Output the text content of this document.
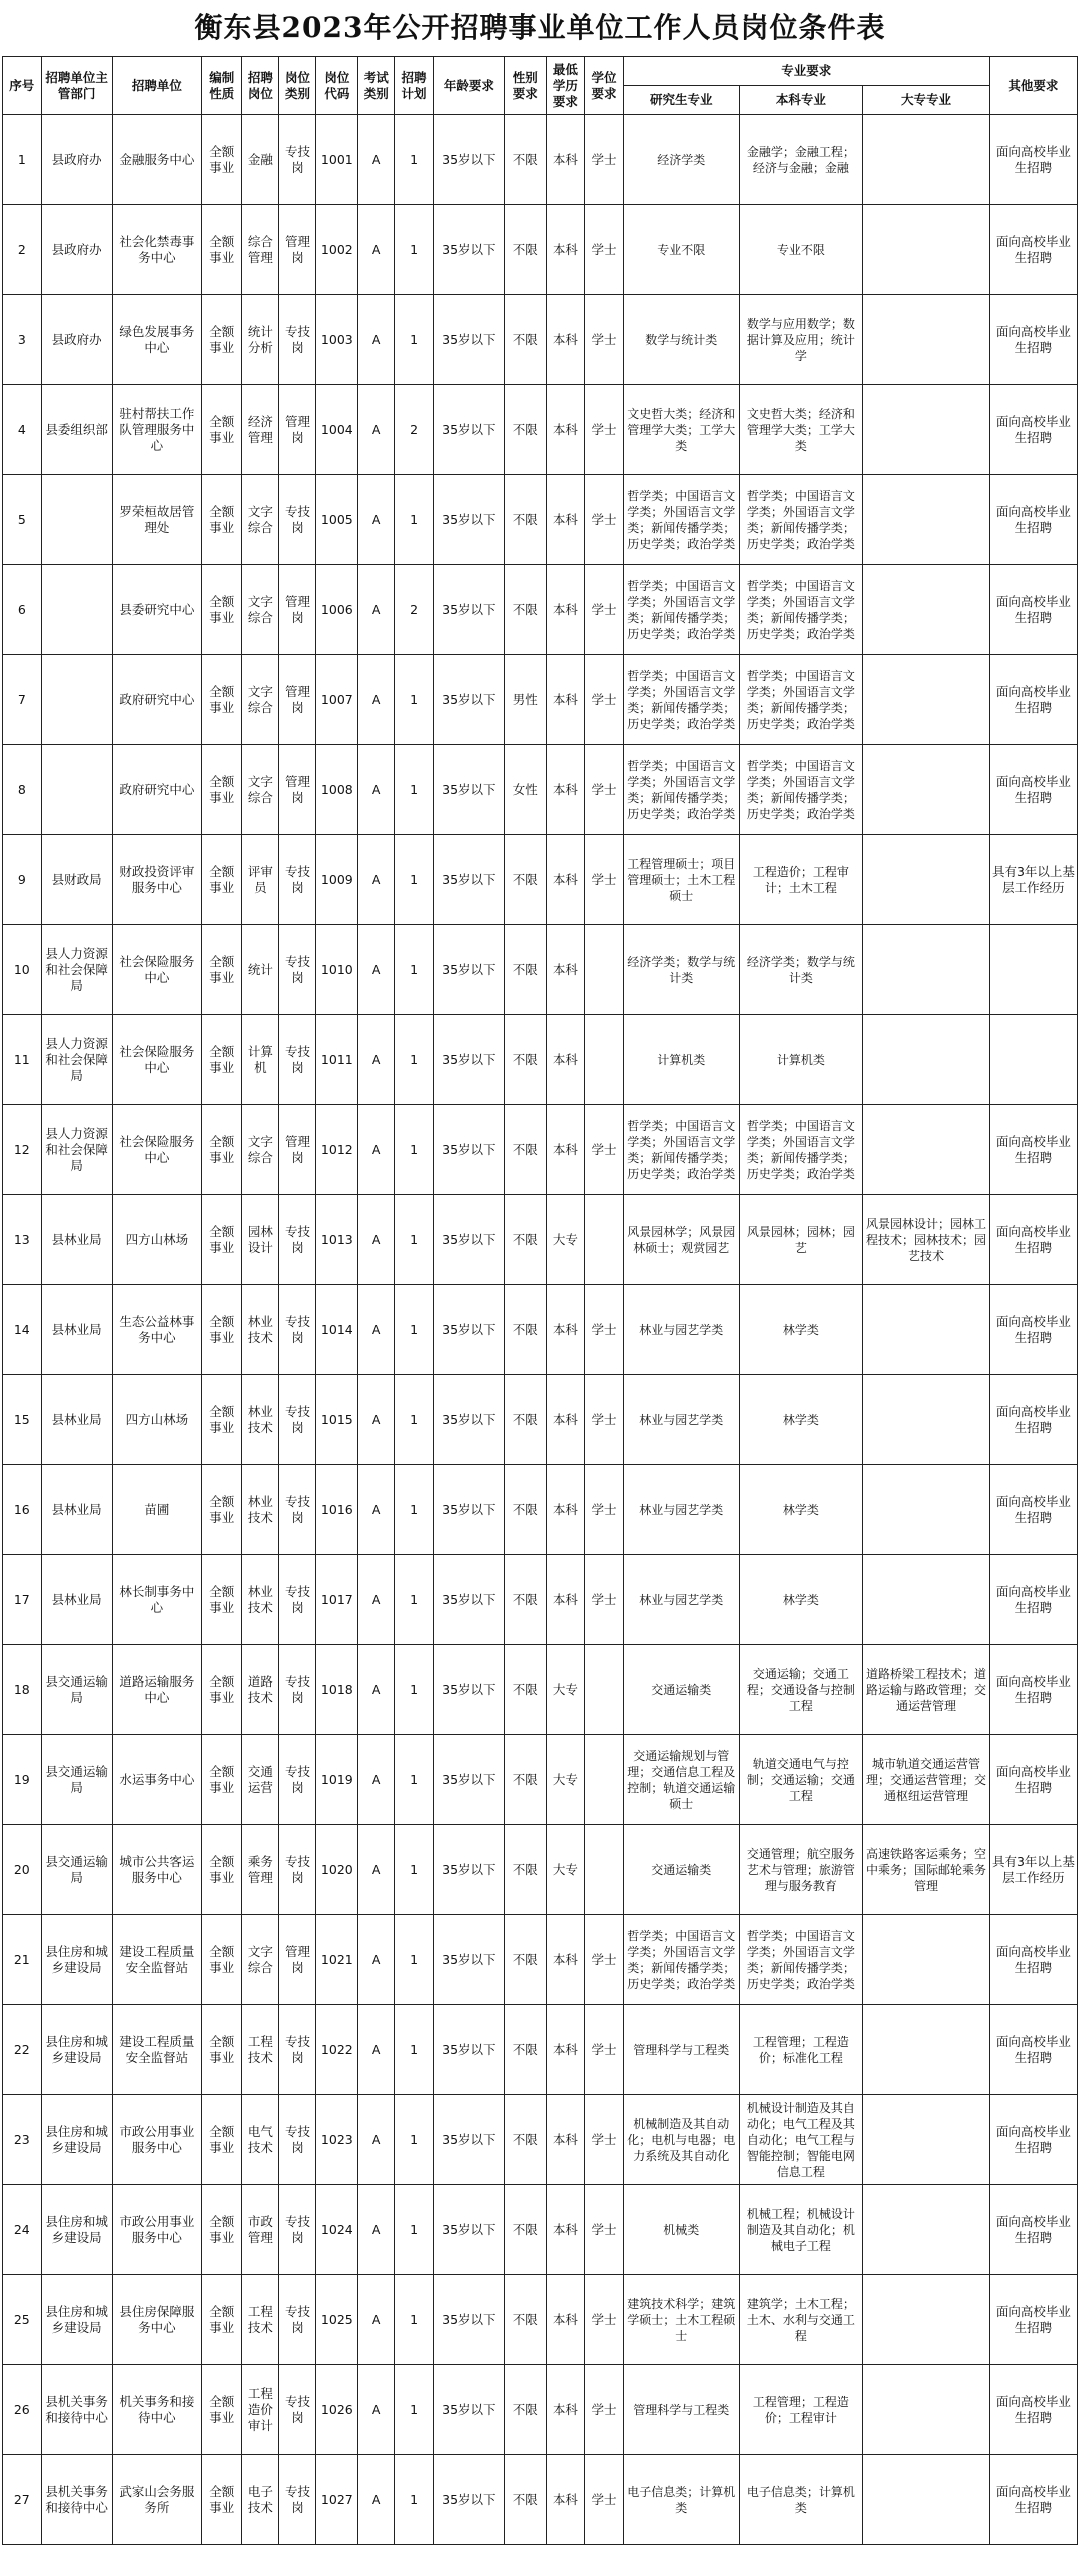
衡东县2023年公开招聘事业单位工作人员岗位条件表
序号	招聘单位主管部门	招聘单位	编制性质	招聘岗位	岗位类别	岗位代码	考试类别	招聘计划	年龄要求	性别要求	最低学历要求	学位要求	专业要求			其他要求
													研究生专业	本科专业	大专专业	
1	县政府办	金融服务中心	全额事业	金融	专技岗	1001	A	1	35岁以下	不限	本科	学士	经济学类	金融学；金融工程；经济与金融；金融		面向高校毕业生招聘
2	县政府办	社会化禁毒事务中心	全额事业	综合管理	管理岗	1002	A	1	35岁以下	不限	本科	学士	专业不限	专业不限		面向高校毕业生招聘
3	县政府办	绿色发展事务中心	全额事业	统计分析	专技岗	1003	A	1	35岁以下	不限	本科	学士	数学与统计类	数学与应用数学；数据计算及应用；统计学		面向高校毕业生招聘
4	县委组织部	驻村帮扶工作队管理服务中心	全额事业	经济管理	管理岗	1004	A	2	35岁以下	不限	本科	学士	文史哲大类；经济和管理学大类；工学大类	文史哲大类；经济和管理学大类；工学大类		面向高校毕业生招聘
5		罗荣桓故居管理处	全额事业	文字综合	专技岗	1005	A	1	35岁以下	不限	本科	学士	哲学类；中国语言文学类；外国语言文学类；新闻传播学类；历史学类；政治学类	哲学类；中国语言文学类；外国语言文学类；新闻传播学类；历史学类；政治学类		面向高校毕业生招聘
6		县委研究中心	全额事业	文字综合	管理岗	1006	A	2	35岁以下	不限	本科	学士	哲学类；中国语言文学类；外国语言文学类；新闻传播学类；历史学类；政治学类	哲学类；中国语言文学类；外国语言文学类；新闻传播学类；历史学类；政治学类		面向高校毕业生招聘
7		政府研究中心	全额事业	文字综合	管理岗	1007	A	1	35岁以下	男性	本科	学士	哲学类；中国语言文学类；外国语言文学类；新闻传播学类；历史学类；政治学类	哲学类；中国语言文学类；外国语言文学类；新闻传播学类；历史学类；政治学类		面向高校毕业生招聘
8		政府研究中心	全额事业	文字综合	管理岗	1008	A	1	35岁以下	女性	本科	学士	哲学类；中国语言文学类；外国语言文学类；新闻传播学类；历史学类；政治学类	哲学类；中国语言文学类；外国语言文学类；新闻传播学类；历史学类；政治学类		面向高校毕业生招聘
9	县财政局	财政投资评审服务中心	全额事业	评审员	专技岗	1009	A	1	35岁以下	不限	本科	学士	工程管理硕士；项目管理硕士；土木工程硕士	工程造价；工程审计；土木工程		具有3年以上基层工作经历
10	县人力资源和社会保障局	社会保险服务中心	全额事业	统计	专技岗	1010	A	1	35岁以下	不限	本科		经济学类；数学与统计类	经济学类；数学与统计类		
11	县人力资源和社会保障局	社会保险服务中心	全额事业	计算机	专技岗	1011	A	1	35岁以下	不限	本科		计算机类	计算机类		
12	县人力资源和社会保障局	社会保险服务中心	全额事业	文字综合	管理岗	1012	A	1	35岁以下	不限	本科	学士	哲学类；中国语言文学类；外国语言文学类；新闻传播学类；历史学类；政治学类	哲学类；中国语言文学类；外国语言文学类；新闻传播学类；历史学类；政治学类		面向高校毕业生招聘
13	县林业局	四方山林场	全额事业	园林设计	专技岗	1013	A	1	35岁以下	不限	大专		风景园林学；风景园林硕士；观赏园艺	风景园林；园林；园艺	风景园林设计；园林工程技术；园林技术；园艺技术	面向高校毕业生招聘
14	县林业局	生态公益林事务中心	全额事业	林业技术	专技岗	1014	A	1	35岁以下	不限	本科	学士	林业与园艺学类	林学类		面向高校毕业生招聘
15	县林业局	四方山林场	全额事业	林业技术	专技岗	1015	A	1	35岁以下	不限	本科	学士	林业与园艺学类	林学类		面向高校毕业生招聘
16	县林业局	苗圃	全额事业	林业技术	专技岗	1016	A	1	35岁以下	不限	本科	学士	林业与园艺学类	林学类		面向高校毕业生招聘
17	县林业局	林长制事务中心	全额事业	林业技术	专技岗	1017	A	1	35岁以下	不限	本科	学士	林业与园艺学类	林学类		面向高校毕业生招聘
18	县交通运输局	道路运输服务中心	全额事业	道路技术	专技岗	1018	A	1	35岁以下	不限	大专		交通运输类	交通运输；交通工程；交通设备与控制工程	道路桥梁工程技术；道路运输与路政管理；交通运营管理	面向高校毕业生招聘
19	县交通运输局	水运事务中心	全额事业	交通运营	专技岗	1019	A	1	35岁以下	不限	大专		交通运输规划与管理；交通信息工程及控制；轨道交通运输硕士	轨道交通电气与控制；交通运输；交通工程	城市轨道交通运营管理；交通运营管理；交通枢纽运营管理	面向高校毕业生招聘
20	县交通运输局	城市公共客运服务中心	全额事业	乘务管理	专技岗	1020	A	1	35岁以下	不限	大专		交通运输类	交通管理；航空服务艺术与管理；旅游管理与服务教育	高速铁路客运乘务；空中乘务；国际邮轮乘务管理	具有3年以上基层工作经历
21	县住房和城乡建设局	建设工程质量安全监督站	全额事业	文字综合	管理岗	1021	A	1	35岁以下	不限	本科	学士	哲学类；中国语言文学类；外国语言文学类；新闻传播学类；历史学类；政治学类	哲学类；中国语言文学类；外国语言文学类；新闻传播学类；历史学类；政治学类		面向高校毕业生招聘
22	县住房和城乡建设局	建设工程质量安全监督站	全额事业	工程技术	专技岗	1022	A	1	35岁以下	不限	本科	学士	管理科学与工程类	工程管理；工程造价；标准化工程		面向高校毕业生招聘
23	县住房和城乡建设局	市政公用事业服务中心	全额事业	电气技术	专技岗	1023	A	1	35岁以下	不限	本科	学士	机械制造及其自动化；电机与电器；电力系统及其自动化	机械设计制造及其自动化；电气工程及其自动化；电气工程与智能控制；智能电网信息工程		面向高校毕业生招聘
24	县住房和城乡建设局	市政公用事业服务中心	全额事业	市政管理	专技岗	1024	A	1	35岁以下	不限	本科	学士	机械类	机械工程；机械设计制造及其自动化；机械电子工程		面向高校毕业生招聘
25	县住房和城乡建设局	县住房保障服务中心	全额事业	工程技术	专技岗	1025	A	1	35岁以下	不限	本科	学士	建筑技术科学；建筑学硕士；土木工程硕士	建筑学；土木工程；土木、水利与交通工程		面向高校毕业生招聘
26	县机关事务和接待中心	机关事务和接待中心	全额事业	工程造价审计	专技岗	1026	A	1	35岁以下	不限	本科	学士	管理科学与工程类	工程管理；工程造价；工程审计		面向高校毕业生招聘
27	县机关事务和接待中心	武家山会务服务所	全额事业	电子技术	专技岗	1027	A	1	35岁以下	不限	本科	学士	电子信息类；计算机类	电子信息类；计算机类		面向高校毕业生招聘
